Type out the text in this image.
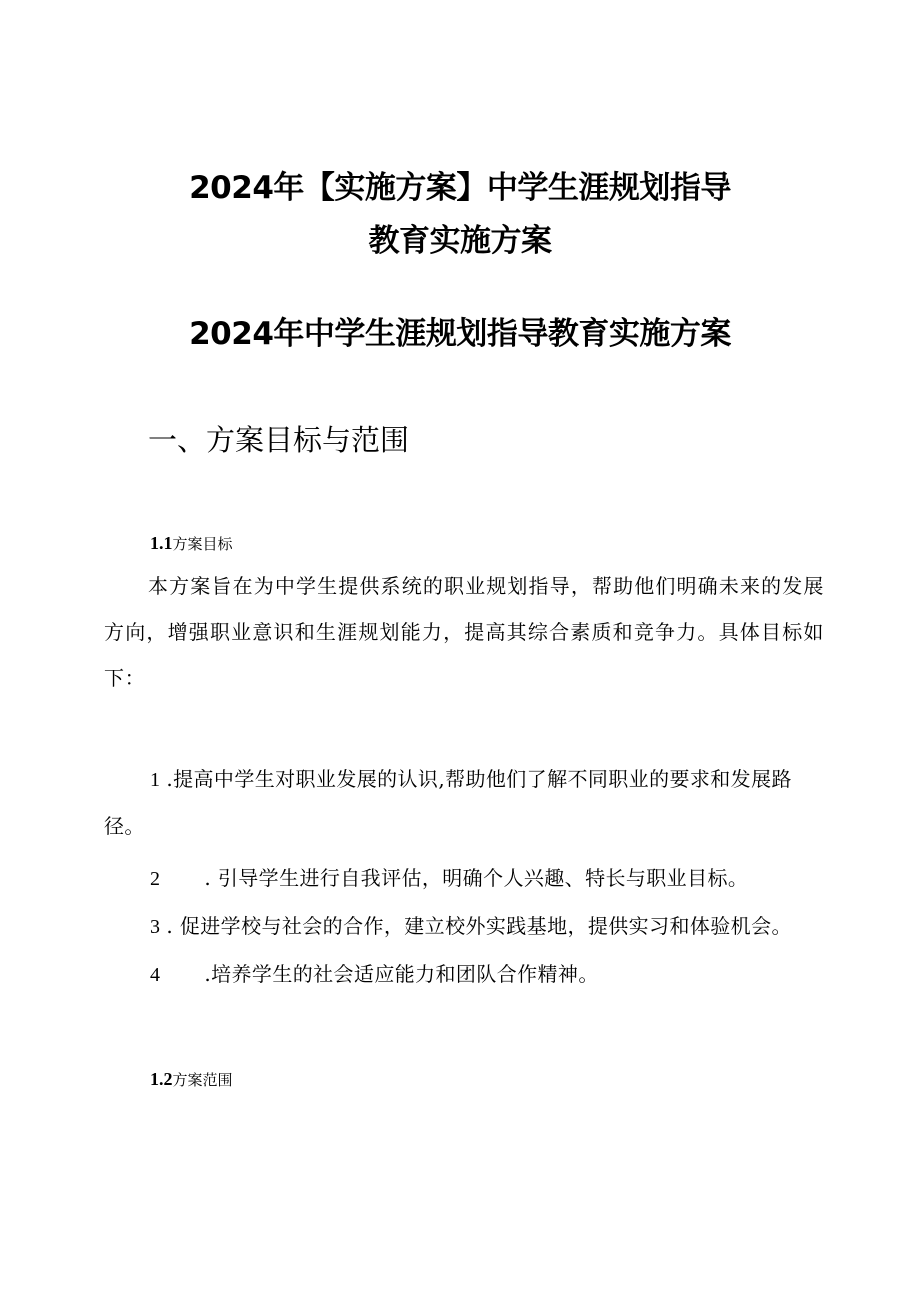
2024年【实施方案】中学生涯规划指导
教育实施方案
2024年中学生涯规划指导教育实施方案
一、方案目标与范围
1.1方案目标
本方案旨在为中学生提供系统的职业规划指导，帮助他们明确未来的发展方向，增强职业意识和生涯规划能力，提高其综合素质和竞争力。具体目标如下：
1 .提高中学生对职业发展的认识,帮助他们了解不同职业的要求和发展路径。
2 . 引导学生进行自我评估，明确个人兴趣、特长与职业目标。
3 . 促进学校与社会的合作，建立校外实践基地，提供实习和体验机会。
4 .培养学生的社会适应能力和团队合作精神。
1.2方案范围
